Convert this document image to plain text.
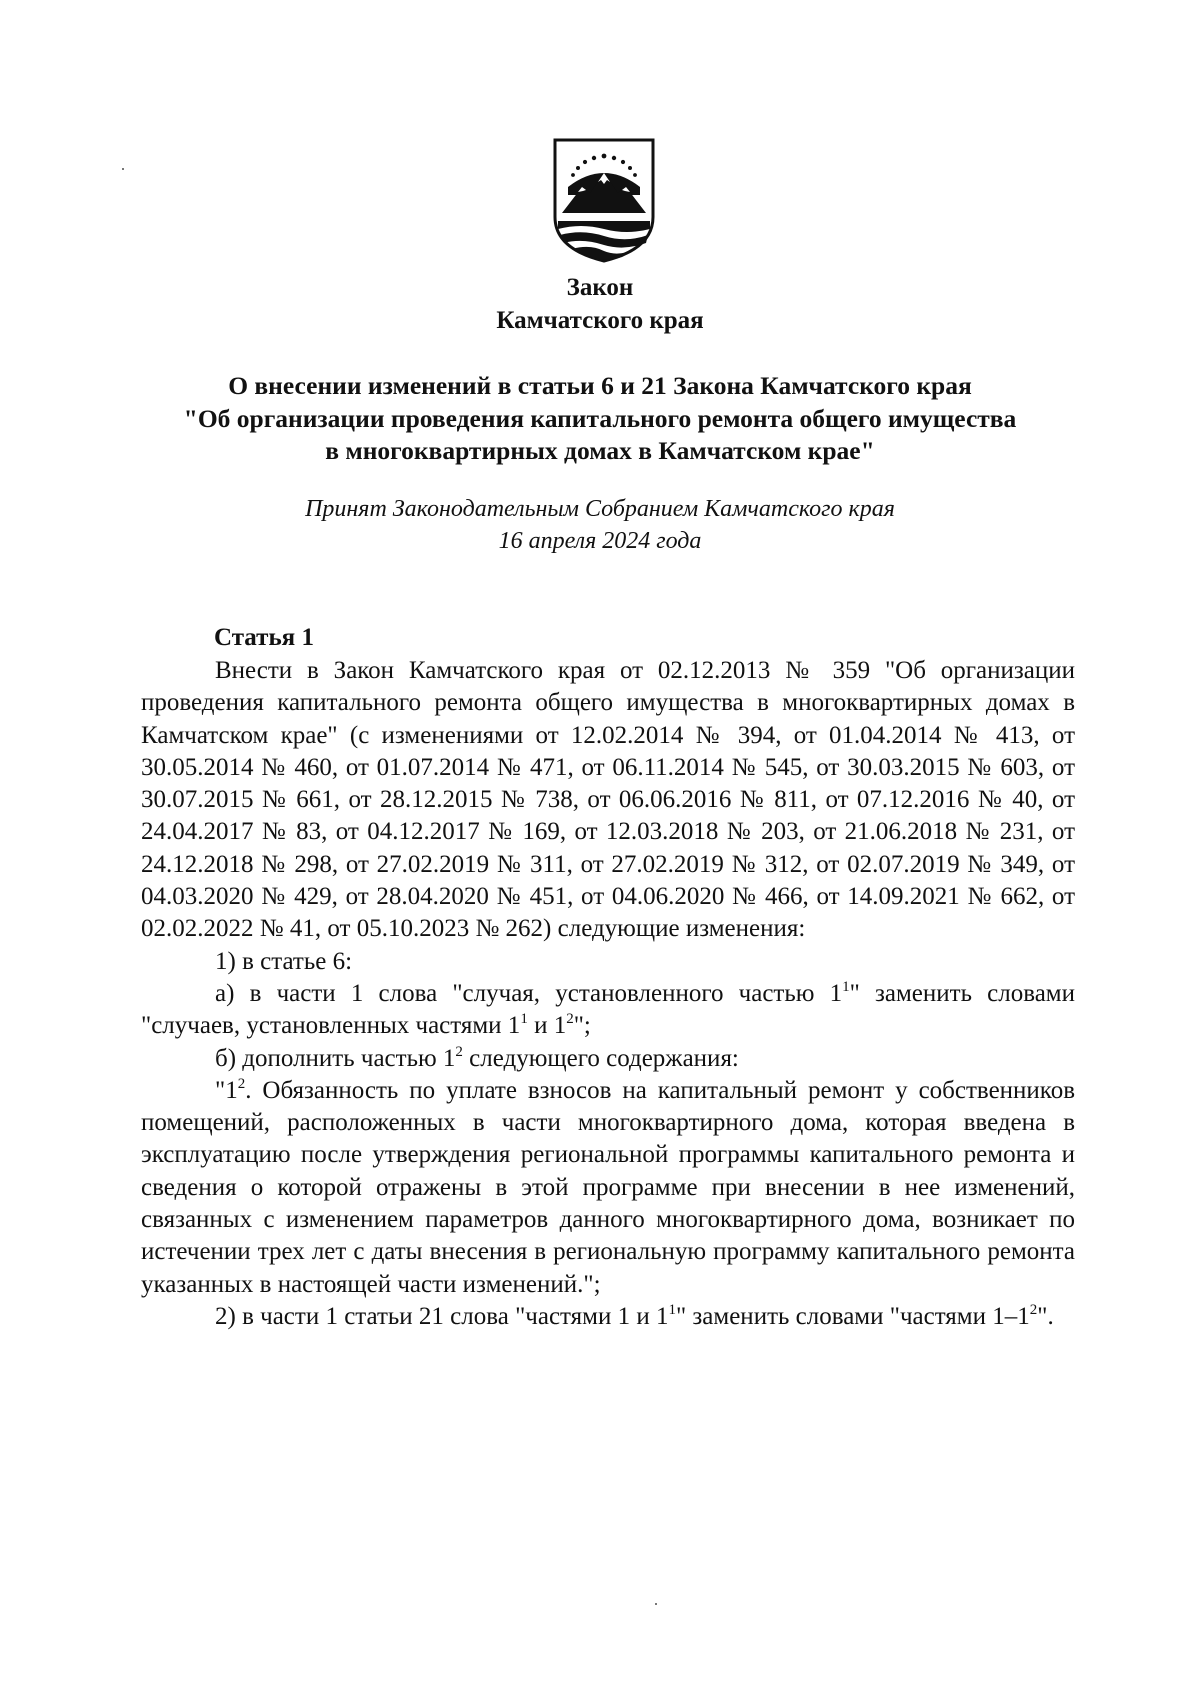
Закон
Камчатского края
О внесении изменений в статьи 6 и 21 Закона Камчатского края
"Об организации проведения капитального ремонта общего имущества
в многоквартирных домах в Камчатском крае"
Принят Законодательным Собранием Камчатского края
16 апреля 2024 года
Статья 1

Внести в Закон Камчатского края от 02.12.2013 № 359 "Об организации проведения капитального ремонта общего имущества в многоквартирных домах в Камчатском крае" (с изменениями от 12.02.2014 № 394, от 01.04.2014 № 413, от 30.05.2014 № 460, от 01.07.2014 № 471, от 06.11.2014 № 545, от 30.03.2015 № 603, от 30.07.2015 № 661, от 28.12.2015 № 738, от 06.06.2016 № 811, от 07.12.2016 № 40, от 24.04.2017 № 83, от 04.12.2017 № 169, от 12.03.2018 № 203, от 21.06.2018 № 231, от 24.12.2018 № 298, от 27.02.2019 № 311, от 27.02.2019 № 312, от 02.07.2019 № 349, от 04.03.2020 № 429, от 28.04.2020 № 451, от 04.06.2020 № 466, от 14.09.2021 № 662, от 02.02.2022 № 41, от 05.10.2023 № 262) следующие изменения:

1) в статье 6:

а) в части 1 слова "случая, установленного частью $1^1$" заменить словами "случаев, установленных частями $1^1$ и $1^2$";

б) дополнить частью $1^2$ следующего содержания:

"$1^2$. Обязанность по уплате взносов на капитальный ремонт у собственников помещений, расположенных в части многоквартирного дома, которая введена в эксплуатацию после утверждения региональной программы капитального ремонта и сведения о которой отражены в этой программе при внесении в нее изменений, связанных с изменением параметров данного многоквартирного дома, возникает по истечении трех лет с даты внесения в региональную программу капитального ремонта указанных в настоящей части изменений.";

2) в части 1 статьи 21 слова "частями 1 и $1^1$" заменить словами "частями $1-1^2$".
